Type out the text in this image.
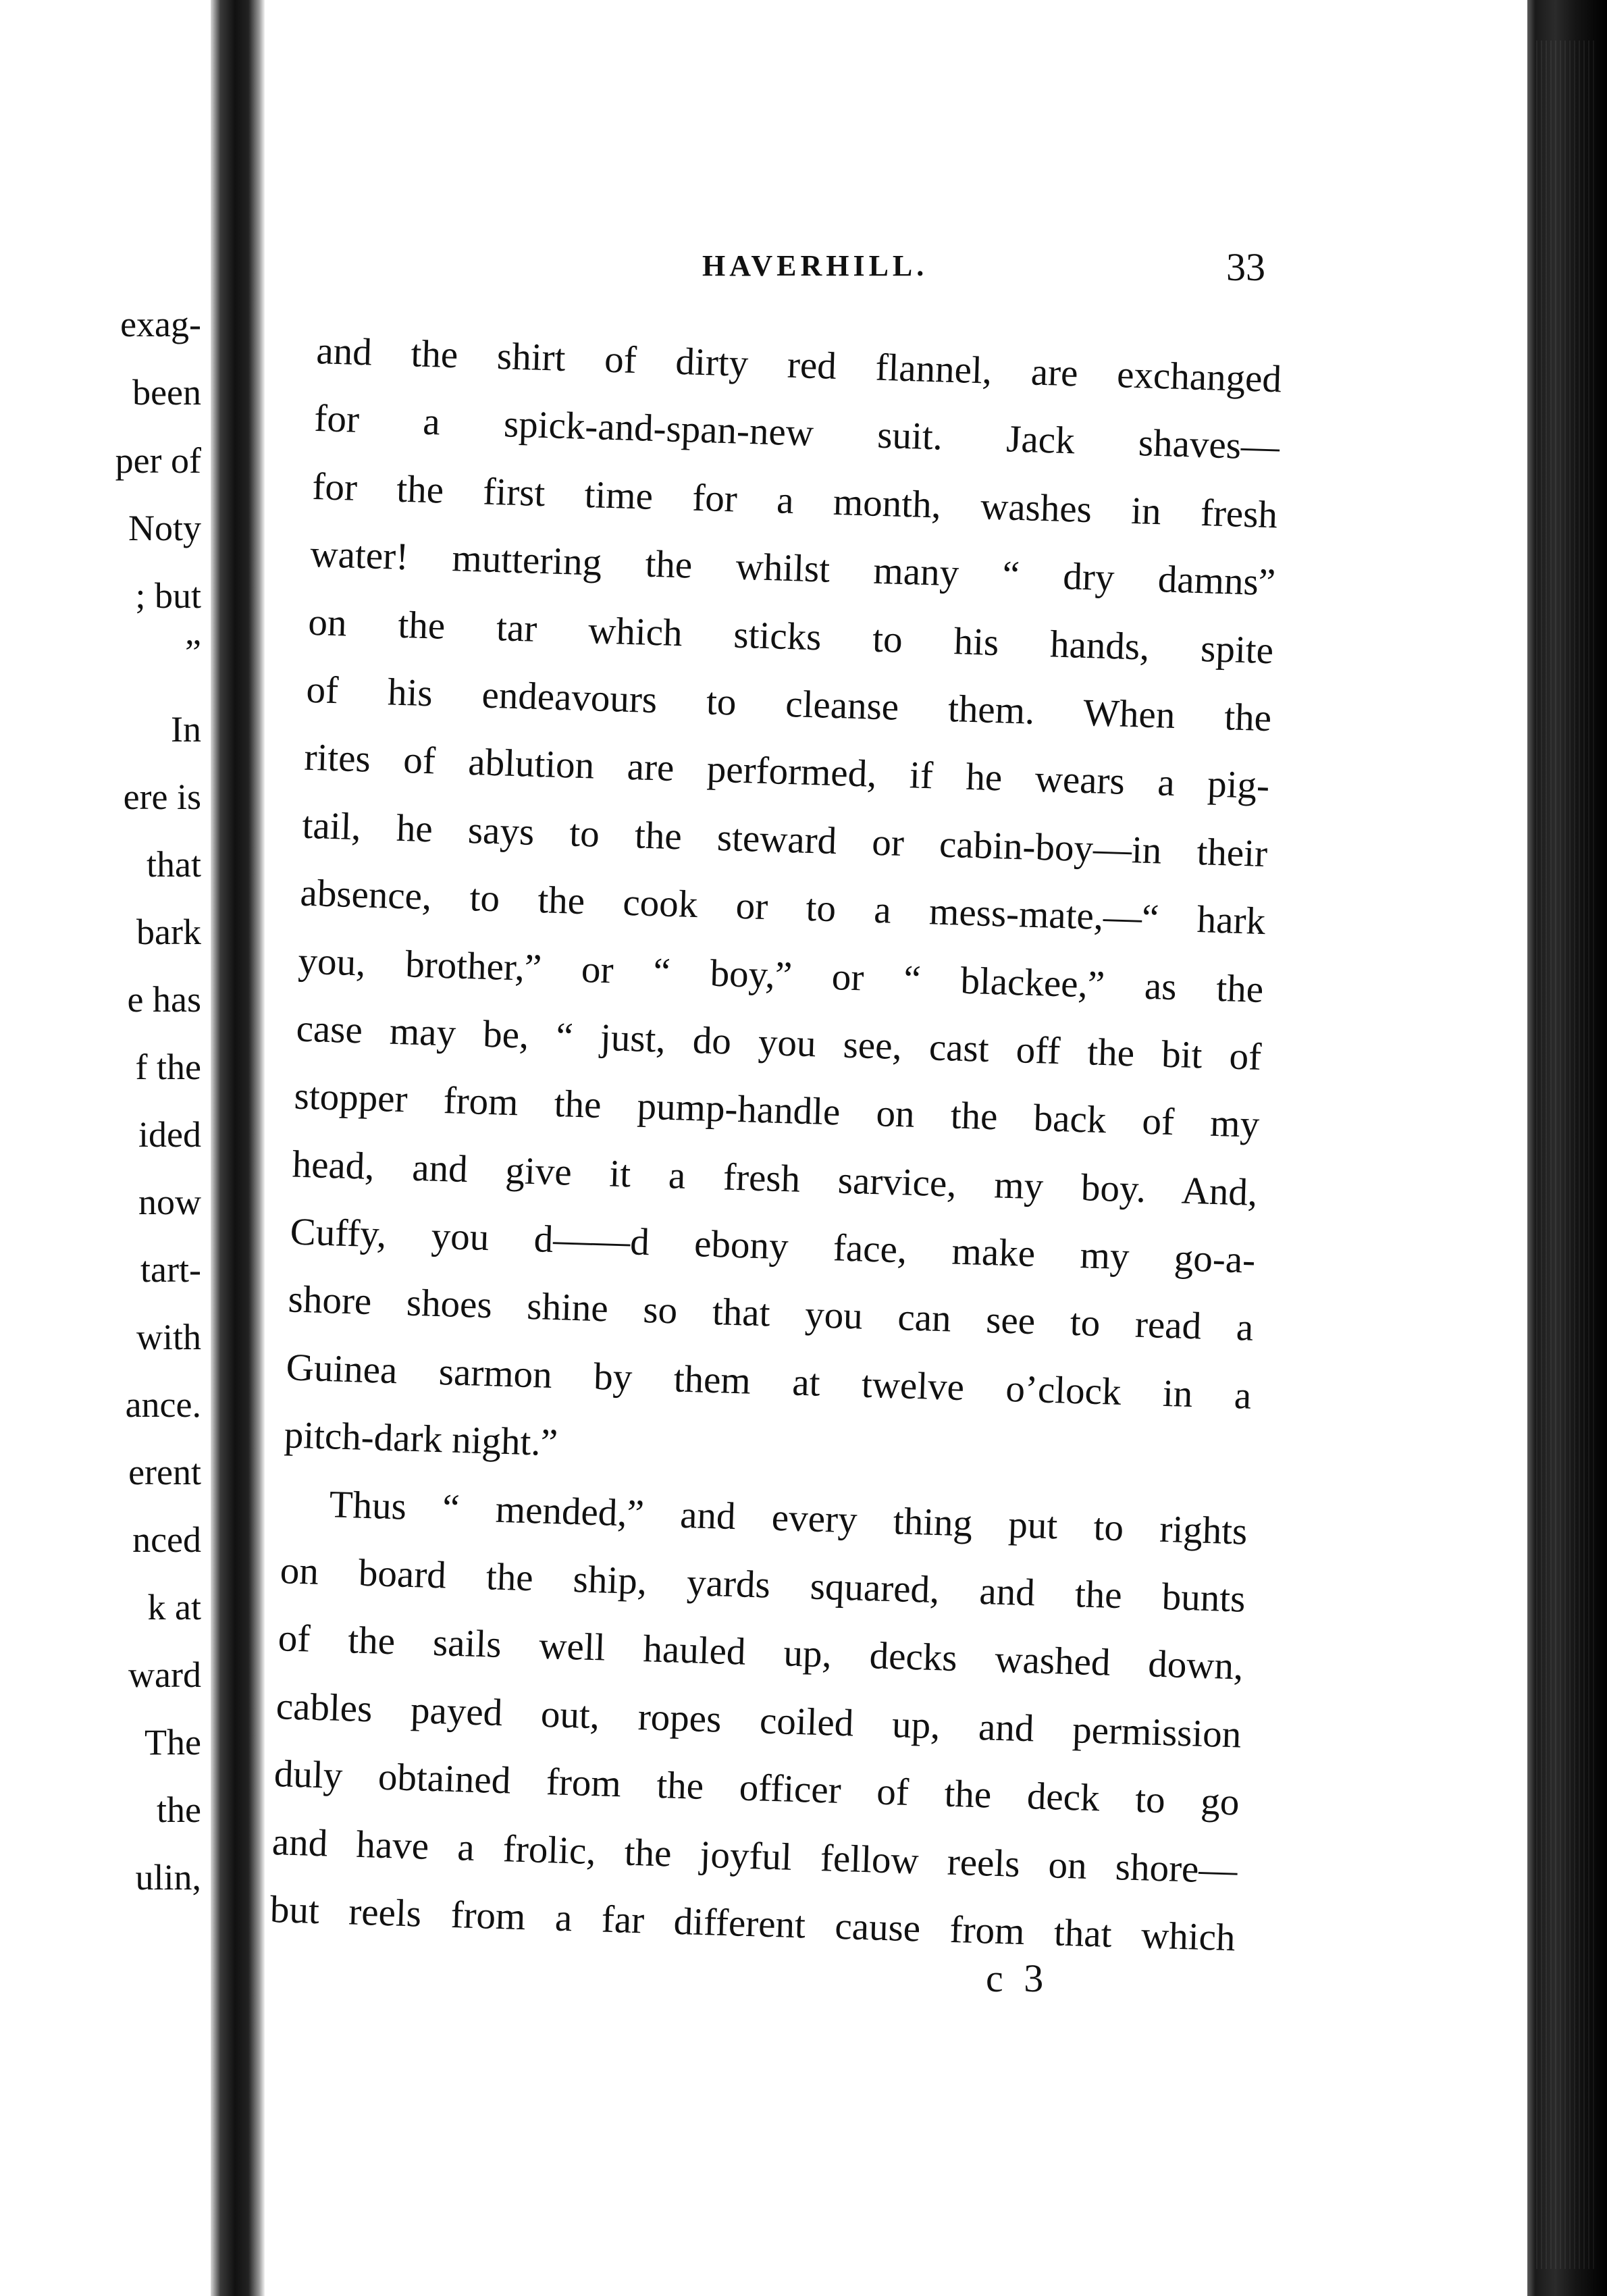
exag-
been
per of
Noty
; but
”
In
ere is
that
bark
e has
f the
ided
now
tart-
with
ance.
erent
nced
k at
ward
The
the
ulin,
HAVERHILL.	33
and the shirt of dirty red flannel, are exchanged
for a spick-and-span-new suit. Jack shaves—
for the first time for a month, washes in fresh
water! muttering the whilst many “ dry damns”
on the tar which sticks to his hands, spite
of his endeavours to cleanse them. When the
rites of ablution are performed, if he wears a pig-
tail, he says to the steward or cabin-boy—in their
absence, to the cook or to a mess-mate,—“ hark
you, brother,” or “ boy,” or “ blackee,” as the
case may be, “ just, do you see, cast off the bit of
stopper from the pump-handle on the back of my
head, and give it a fresh sarvice, my boy. And,
Cuffy, you d——d ebony face, make my go-a-
shore shoes shine so that you can see to read a
Guinea sarmon by them at twelve o’clock in a
pitch-dark night.”
Thus “ mended,” and every thing put to rights
on board the ship, yards squared, and the bunts
of the sails well hauled up, decks washed down,
cables payed out, ropes coiled up, and permission
duly obtained from the officer of the deck to go
and have a frolic, the joyful fellow reels on shore—
but reels from a far different cause from that which
c 3
